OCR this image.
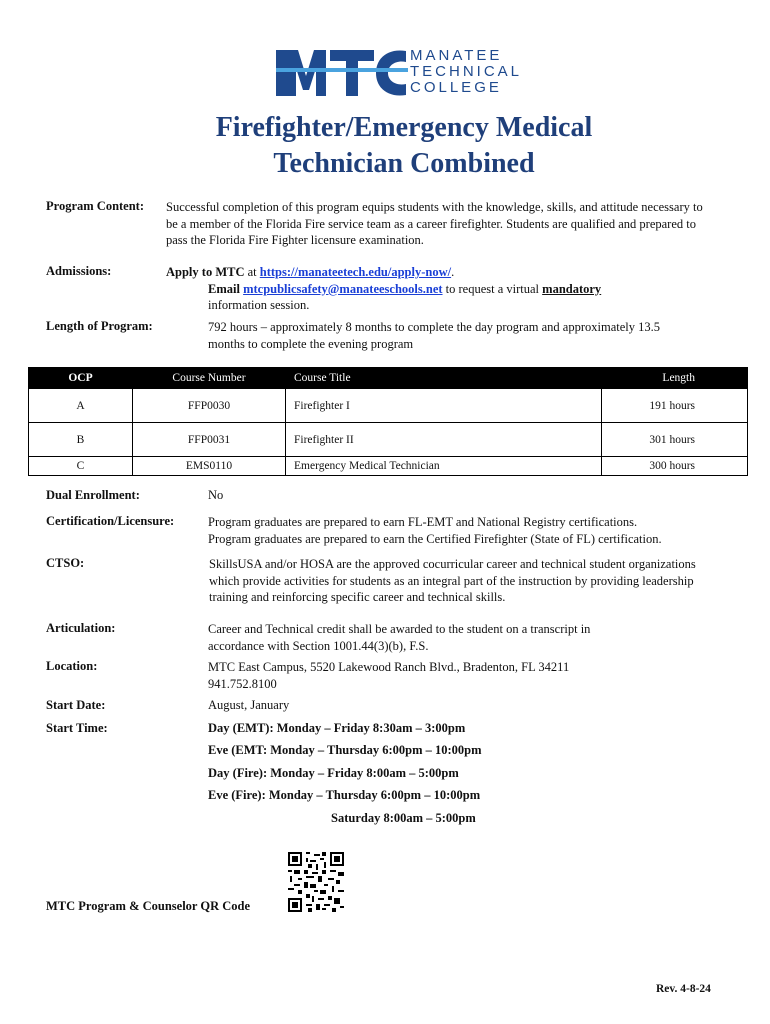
MANATEE
TECHNICAL
COLLEGE
Firefighter/Emergency Medical
Technician Combined
Program Content: Successful completion of this program equips students with the knowledge, skills, and attitude necessary to be a member of the Florida Fire service team as a career firefighter. Students are qualified and prepared to pass the Florida Fire Fighter licensure examination.
Admissions:	Apply to MTC at https://manateetech.edu/apply-now/.
Email mtcpublicsafety@manateeschools.net to request a virtual mandatory
information session.
Length of Program:	792 hours – approximately 8 months to complete the day program and approximately 13.5 months to complete the evening program
OCP	Course Number	Course Title	Length
A	FFP0030	Firefighter I	191 hours
B	FFP0031	Firefighter II	301 hours
C	EMS0110	Emergency Medical Technician	300 hours
Dual Enrollment:	No
Certification/Licensure:	Program graduates are prepared to earn FL-EMT and National Registry certifications.
Program graduates are prepared to earn the Certified Firefighter (State of FL) certification.
CTSO:	SkillsUSA and/or HOSA are the approved cocurricular career and technical student organizations which provide activities for students as an integral part of the instruction by providing leadership training and reinforcing specific career and technical skills.
Articulation:	Career and Technical credit shall be awarded to the student on a transcript in accordance with Section 1001.44(3)(b), F.S.
Location:	MTC East Campus, 5520 Lakewood Ranch Blvd., Bradenton, FL 34211
941.752.8100
Start Date:	August, January
Start Time:	Day (EMT): Monday – Friday 8:30am – 3:00pm
Eve (EMT: Monday – Thursday 6:00pm – 10:00pm
Day (Fire): Monday – Friday 8:00am – 5:00pm
Eve (Fire): Monday – Thursday 6:00pm – 10:00pm
Saturday 8:00am – 5:00pm
MTC Program & Counselor QR Code
Rev. 4-8-24
